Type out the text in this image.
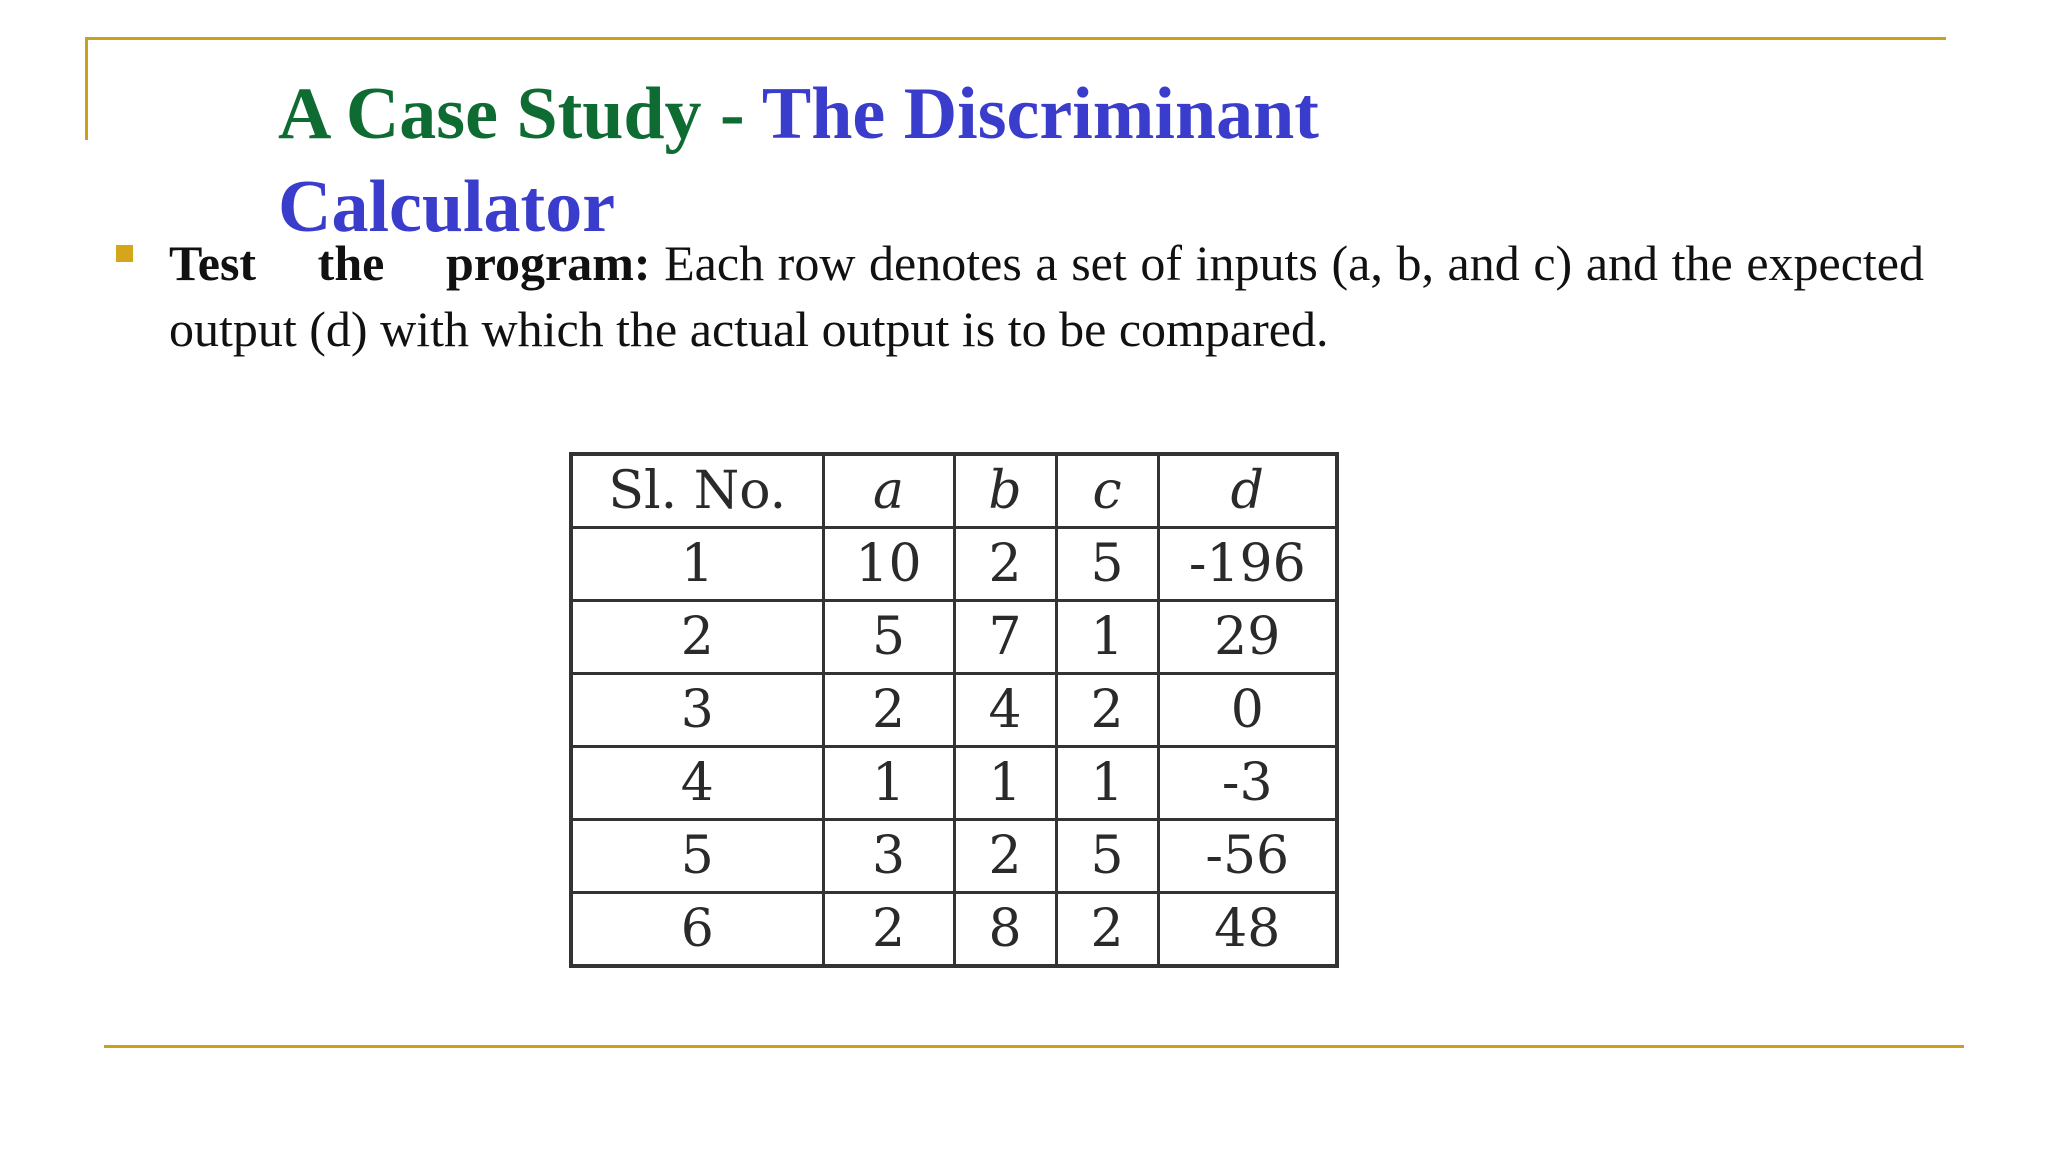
A Case Study - The Discriminant Calculator

Test the program: Each row denotes a set of inputs (a, b, and c) and the expected output (d) with which the actual output is to be compared.

Sl. No.	a	b	c	d
1	10	2	5	-196
2	5	7	1	29
3	2	4	2	0
4	1	1	1	-3
5	3	2	5	-56
6	2	8	2	48
